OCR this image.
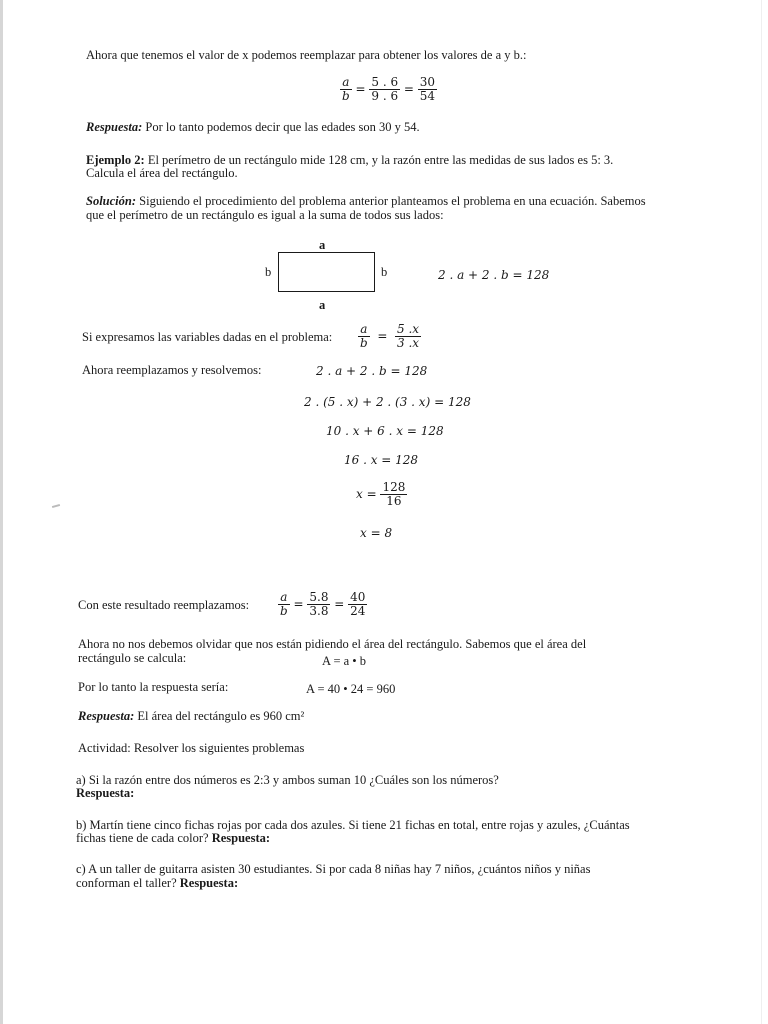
Ahora que tenemos el valor de x podemos reemplazar para obtener los valores de a y b.:
$\frac{a}{b} = \frac{5 . 6}{9 . 6} = \frac{30}{54}$
Respuesta: Por lo tanto podemos decir que las edades son 30 y 54.
Ejemplo 2: El perímetro de un rectángulo mide 128 cm, y la razón entre las medidas de sus lados es 5: 3.
Calcula el área del rectángulo.
Solución: Siguiendo el procedimiento del problema anterior planteamos el problema en una ecuación. Sabemos
que el perímetro de un rectángulo es igual a la suma de todos sus lados:
a
a
b	b	2 . a + 2 . b = 128
Si expresamos las variables dadas en el problema: $\frac{a}{b} = \frac{5 .x}{3 .x}$
Ahora reemplazamos y resolvemos:	2 . a + 2 . b = 128
2 . (5 . x) + 2 . (3 . x) = 128
10 . x + 6 . x = 128
16 . x = 128
$x = \frac{128}{16}$
x = 8
Con este resultado reemplazamos: $\frac{a}{b} = \frac{5.8}{3.8} = \frac{40}{24}$
Ahora no nos debemos olvidar que nos están pidiendo el área del rectángulo. Sabemos que el área del
rectángulo se calcula:	A = a • b
Por lo tanto la respuesta sería:	A = 40 • 24 = 960
Respuesta: El área del rectángulo es 960 cm²
Actividad: Resolver los siguientes problemas
a) Si la razón entre dos números es 2:3 y ambos suman 10 ¿Cuáles son los números?
Respuesta:
b) Martín tiene cinco fichas rojas por cada dos azules. Si tiene 21 fichas en total, entre rojas y azules, ¿Cuántas
fichas tiene de cada color? Respuesta:
c) A un taller de guitarra asisten 30 estudiantes. Si por cada 8 niñas hay 7 niños, ¿cuántos niños y niñas
conforman el taller? Respuesta:
